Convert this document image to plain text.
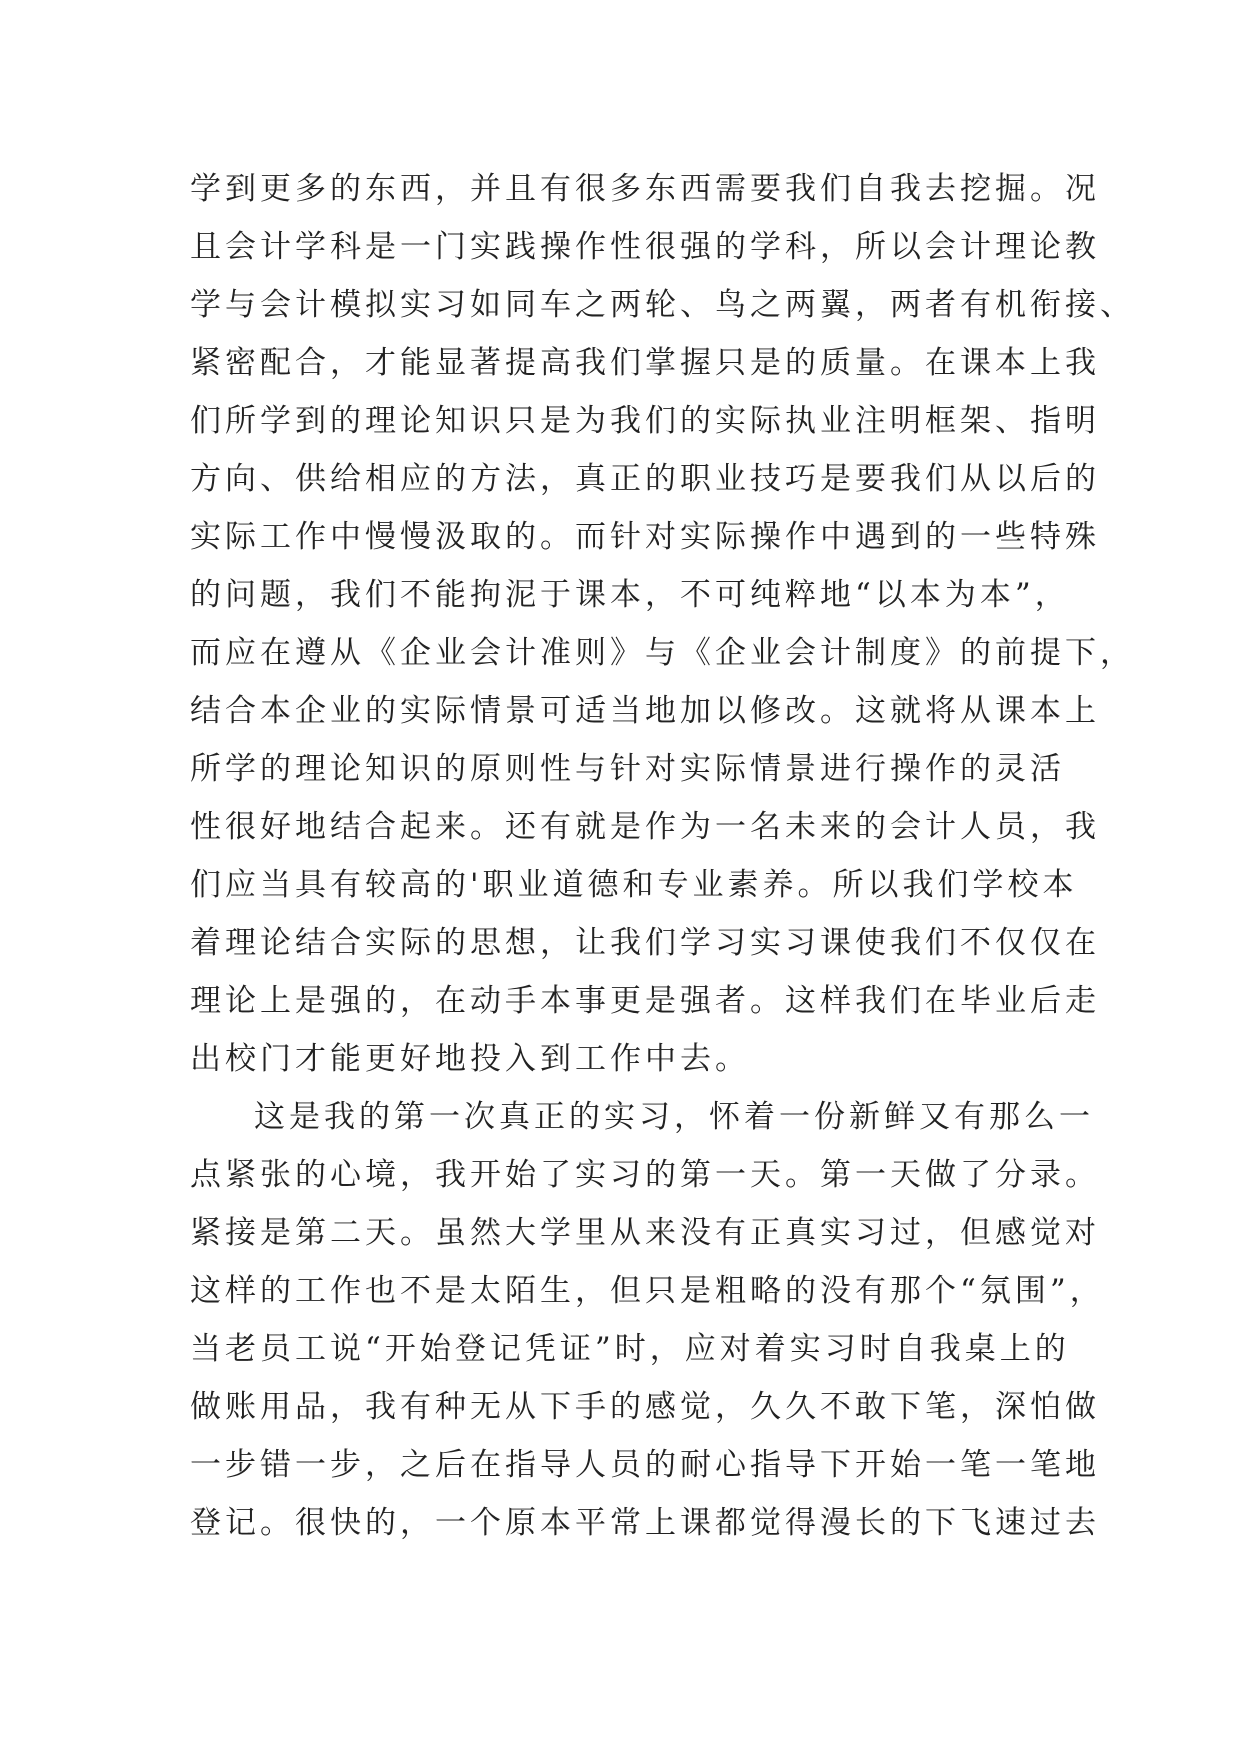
学到更多的东西，并且有很多东西需要我们自我去挖掘。况
且会计学科是一门实践操作性很强的学科，所以会计理论教
学与会计模拟实习如同车之两轮、鸟之两翼，两者有机衔接、
紧密配合，才能显著提高我们掌握只是的质量。在课本上我
们所学到的理论知识只是为我们的实际执业注明框架、指明
方向、供给相应的方法，真正的职业技巧是要我们从以后的
实际工作中慢慢汲取的。而针对实际操作中遇到的一些特殊
的问题，我们不能拘泥于课本，不可纯粹地“以本为本”，
而应在遵从《企业会计准则》与《企业会计制度》的前提下，
结合本企业的实际情景可适当地加以修改。这就将从课本上
所学的理论知识的原则性与针对实际情景进行操作的灵活
性很好地结合起来。还有就是作为一名未来的会计人员，我
们应当具有较高的'职业道德和专业素养。所以我们学校本
着理论结合实际的思想，让我们学习实习课使我们不仅仅在
理论上是强的，在动手本事更是强者。这样我们在毕业后走
出校门才能更好地投入到工作中去。
这是我的第一次真正的实习，怀着一份新鲜又有那么一
点紧张的心境，我开始了实习的第一天。第一天做了分录。
紧接是第二天。虽然大学里从来没有正真实习过，但感觉对
这样的工作也不是太陌生，但只是粗略的没有那个“氛围”，
当老员工说“开始登记凭证”时，应对着实习时自我桌上的
做账用品，我有种无从下手的感觉，久久不敢下笔，深怕做
一步错一步，之后在指导人员的耐心指导下开始一笔一笔地
登记。很快的，一个原本平常上课都觉得漫长的下飞速过去
